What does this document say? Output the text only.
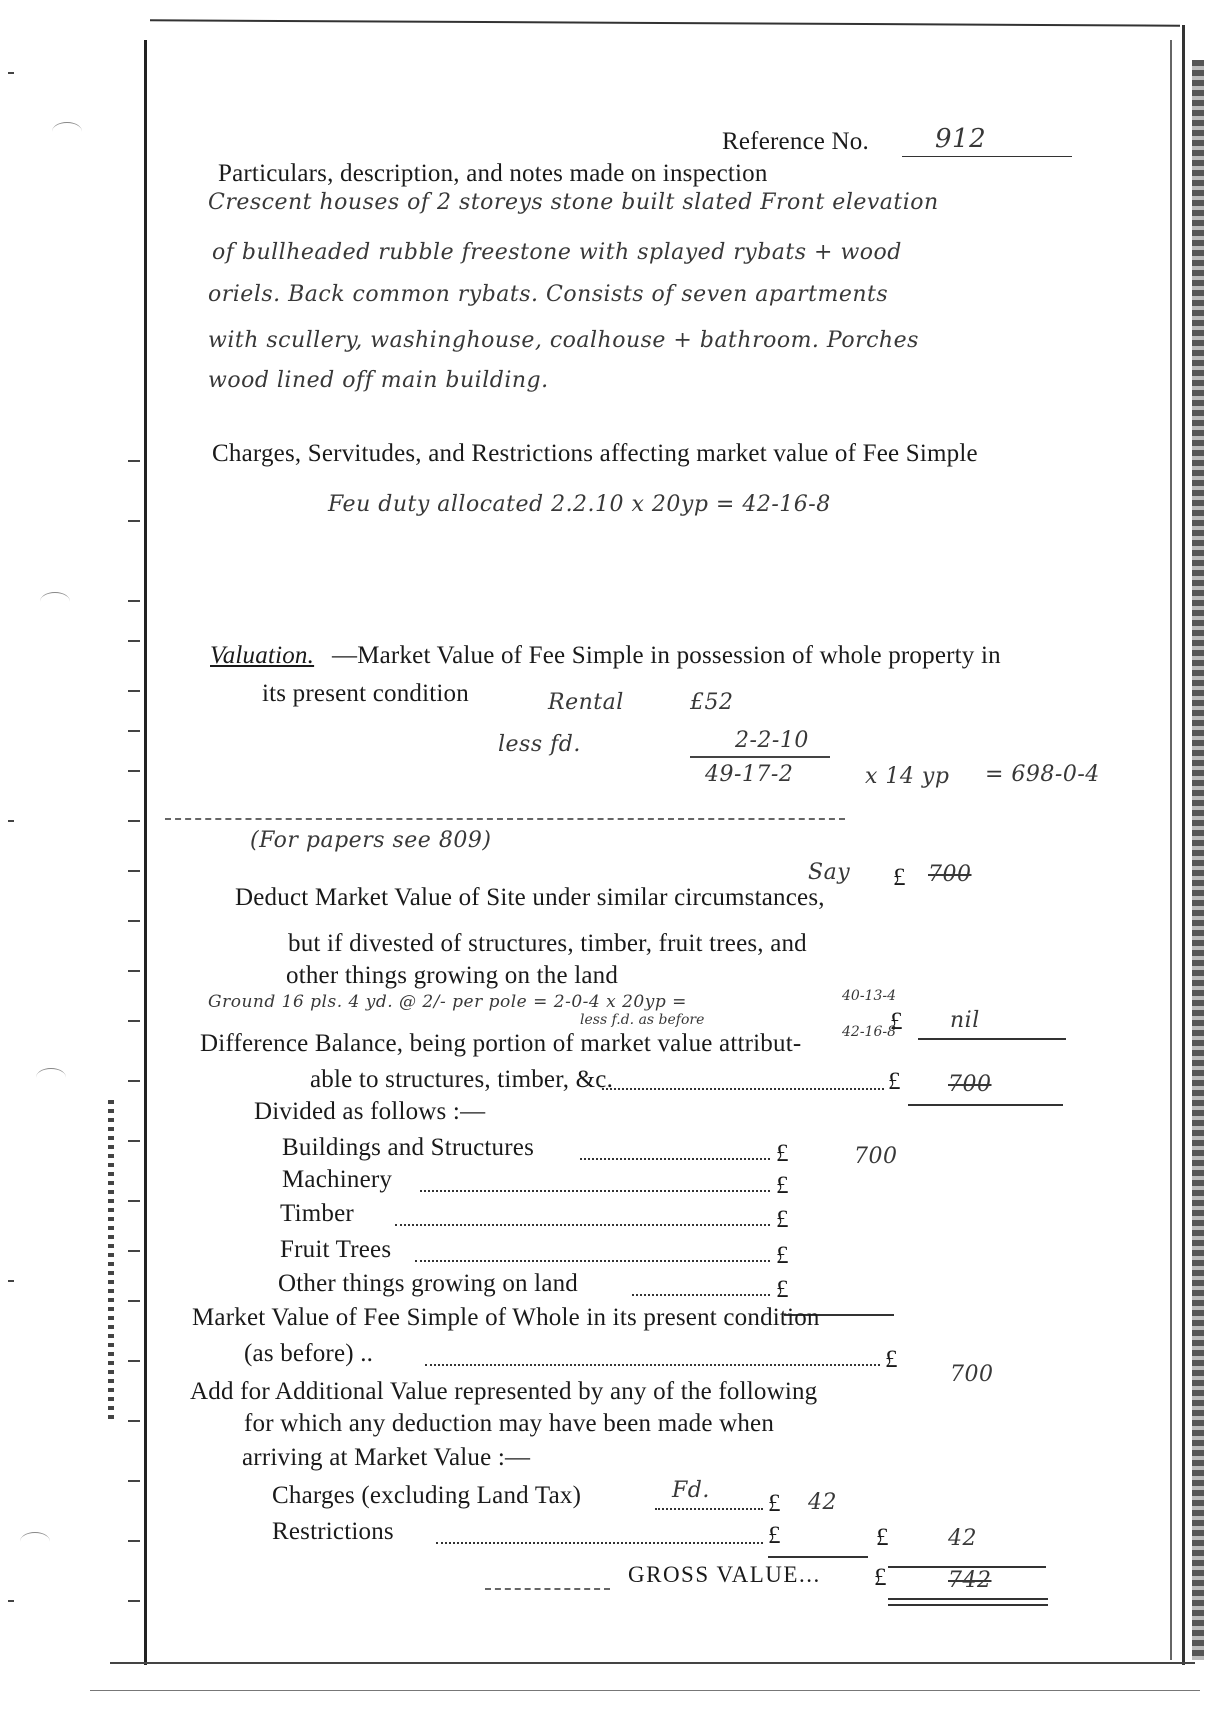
Reference No.	912
Particulars, description, and notes made on inspection
Crescent houses of 2 storeys stone built slated Front elevation
of bullheaded rubble freestone with splayed rybats + wood
oriels. Back common rybats. Consists of seven apartments
with scullery, washinghouse, coalhouse + bathroom. Porches
wood lined off main building.
Charges, Servitudes, and Restrictions affecting market value of Fee Simple
Feu duty allocated 2.2.10 x 20yp = 42-16-8
Valuation. —Market Value of Fee Simple in possession of whole property in
its present condition	Rental	£52
less fd.	2-2-10
49-17-2	x 14 yp = 698-0-4
(For papers see 809)
Say £ 700
Deduct Market Value of Site under similar circumstances,
but if divested of structures, timber, fruit trees, and
other things growing on the land
Ground 16 pls. 4 yd. @ 2/- per pole = 2-0-4 x 20yp =	40-13-4
less f.d. as before
42-16-8
£ nil
Difference Balance, being portion of market value attribut-
able to structures, timber, &c.	£ 700
Divided as follows :—
Buildings and Structures	£	700
Machinery	£
Timber	£
Fruit Trees	£
Other things growing on land	£
Market Value of Fee Simple of Whole in its present condition
(as before) ..	£
700
Add for Additional Value represented by any of the following
for which any deduction may have been made when
arriving at Market Value :—
Charges (excluding Land Tax)	Fd. £ 42
Restrictions	£	£	42
GROSS VALUE... £	742
